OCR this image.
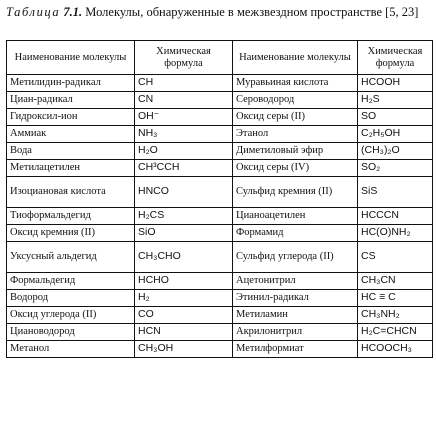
Таблица 7.1. Молекулы, обнаруженные в межзвездном пространстве [5, 23]
Наименование молекулы	Химическая формула	Наименование молекулы	Химическая формула
Метилидин-радикал	CH	Муравьиная кислота	HCOOH
Циан-радикал	CN	Сероводород	H₂S
Гидроксил-ион	OH⁻	Оксид серы (II)	SO
Аммиак	NH₃	Этанол	C₂H₅OH
Вода	H₂O	Диметиловый эфир	(CH₃)₂O
Метилацетилен	CH³CCH	Оксид серы (IV)	SO₂
Изоциановая кислота	HNCO	Сульфид кремния (II)	SiS
Тиоформальдегид	H₂CS	Цианоацетилен	HCCCN
Оксид кремния (II)	SiO	Формамид	HC(O)NH₂
Уксусный альдегид	CH₃CHO	Сульфид углерода (II)	CS
Формальдегид	HCHO	Ацетонитрил	CH₃CN
Водород	H₂	Этинил-радикал	HC ≡ C
Оксид углерода (II)	CO	Метиламин	CH₃NH₂
Циановодород	HCN	Акрилонитрил	H₂C=CHCN
Метанол	CH₃OH	Метилформиат	HCOOCH₃
